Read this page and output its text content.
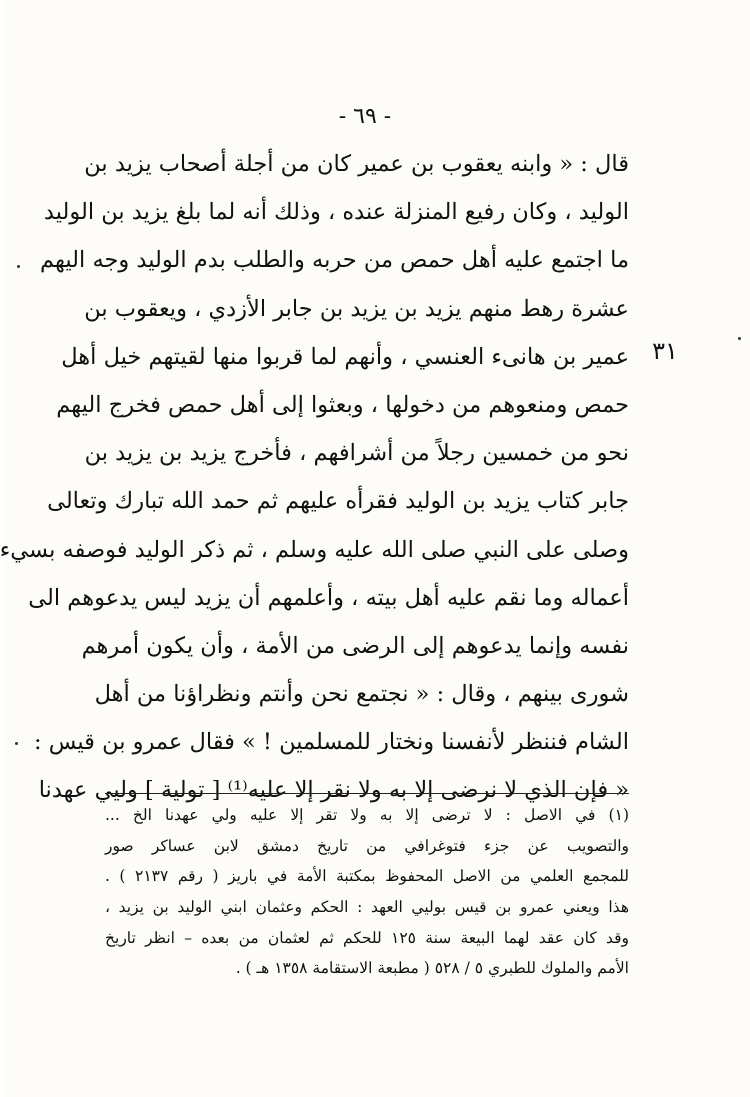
- ٦٩ -
٣١
قال : « وابنه يعقوب بن عمير كان من أجلة أصحاب يزيد بن
الوليد ، وكان رفيع المنزلة عنده ، وذلك أنه لما بلغ يزيد بن الوليد
ما اجتمع عليه أهل حمص من حربه والطلب بدم الوليد وجه اليهم
عشرة رهط منهم يزيد بن يزيد بن جابر الأزدي ، ويعقوب بن
عمير بن هانىء العنسي ، وأنهم لما قربوا منها لقيتهم خيل أهل
حمص ومنعوهم من دخولها ، وبعثوا إلى أهل حمص فخرج اليهم
نحو من خمسين رجلاً من أشرافهم ، فأخرج يزيد بن يزيد بن
جابر كتاب يزيد بن الوليد فقرأه عليهم ثم حمد الله تبارك وتعالى
وصلى على النبي صلى الله عليه وسلم ، ثم ذكر الوليد فوصفه بسيء
أعماله وما نقم عليه أهل بيته ، وأعلمهم أن يزيد ليس يدعوهم الى
نفسه وإنما يدعوهم إلى الرضى من الأمة ، وأن يكون أمرهم
شورى بينهم ، وقال : « نجتمع نحن وأنتم ونظراؤنا من أهل
الشام فننظر لأنفسنا ونختار للمسلمين ! » فقال عمرو بن قيس :
« فإن الذي لا نرضى إلا به ولا نقر إلا عليه⁽¹⁾ [ تولية ] وليي عهدنا
(١) في الاصل : لا ترضى إلا به ولا تقر إلا عليه ولي عهدنا الخ ...
والتصويب عن جزء فتوغرافي من تاريخ دمشق لابن عساكر صور
للمجمع العلمي من الاصل المحفوظ بمكتبة الأمة في باريز ( رقم ٢١٣٧ ) .
هذا ويعني عمرو بن قيس بوليي العهد : الحكم وعثمان ابني الوليد بن يزيد ،
وقد كان عقد لهما البيعة سنة ١٢٥ للحكم ثم لعثمان من بعده – انظر تاريخ
الأمم والملوك للطبري ٥ / ٥٢٨ ( مطبعة الاستقامة ١٣٥٨ هـ ) .
